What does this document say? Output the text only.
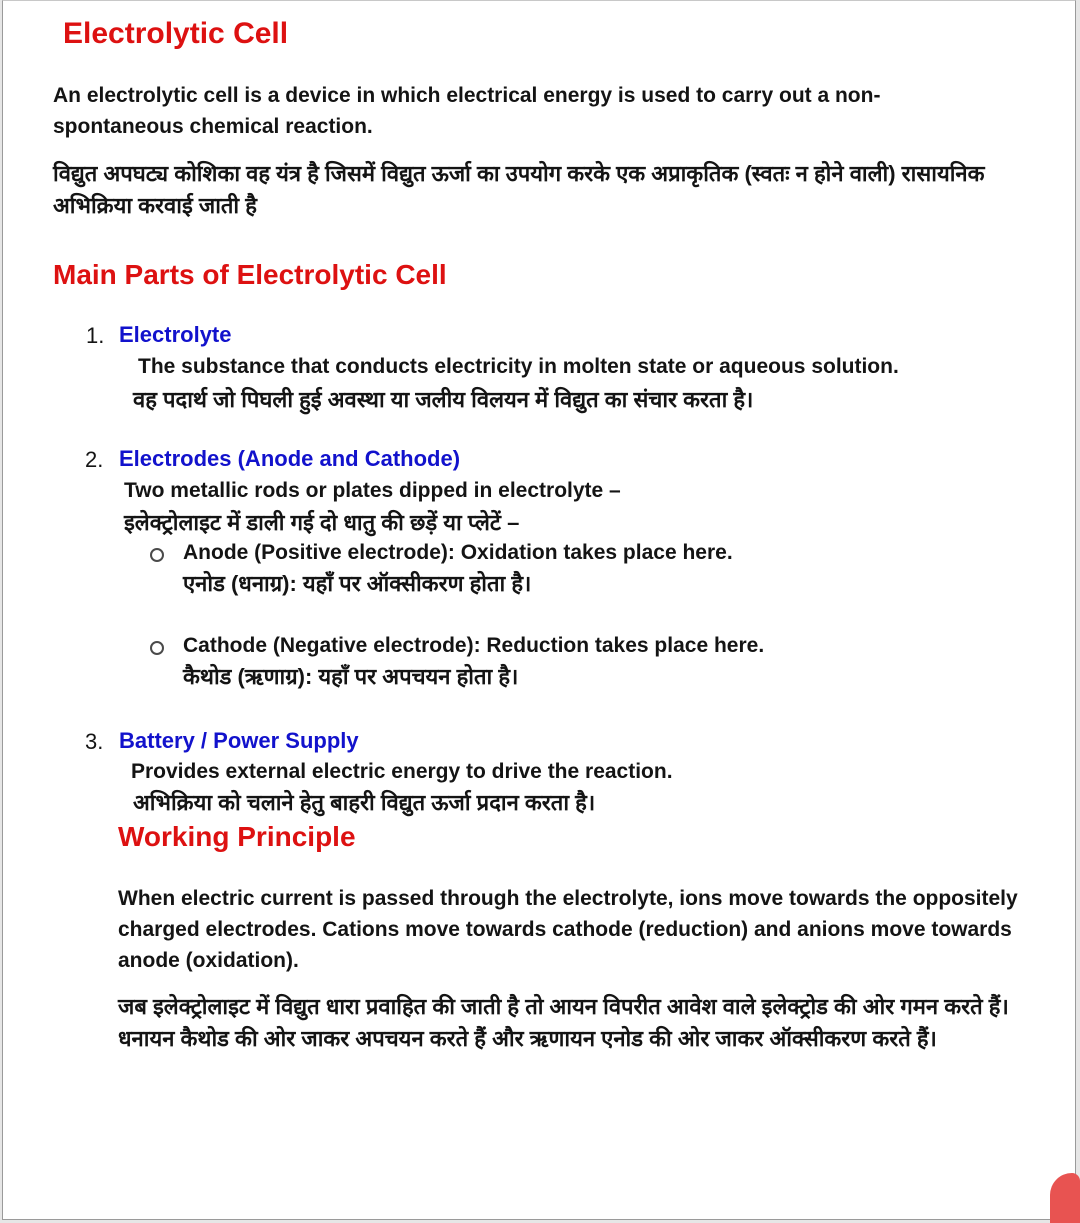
Electrolytic Cell
An electrolytic cell is a device in which electrical energy is used to carry out a non-spontaneous chemical reaction.
विद्युत अपघट्य कोशिका वह यंत्र है जिसमें विद्युत ऊर्जा का उपयोग करके एक अप्राकृतिक (स्वतः न होने वाली) रासायनिक अभिक्रिया करवाई जाती है
Main Parts of Electrolytic Cell
1. Electrolyte
The substance that conducts electricity in molten state or aqueous solution.
वह पदार्थ जो पिघली हुई अवस्था या जलीय विलयन में विद्युत का संचार करता है।
2. Electrodes (Anode and Cathode)
Two metallic rods or plates dipped in electrolyte –
इलेक्ट्रोलाइट में डाली गई दो धातु की छड़ें या प्लेटें –
Anode (Positive electrode): Oxidation takes place here.
एनोड (धनाग्र): यहाँ पर ऑक्सीकरण होता है।
Cathode (Negative electrode): Reduction takes place here.
कैथोड (ऋणाग्र): यहाँ पर अपचयन होता है।
3. Battery / Power Supply
Provides external electric energy to drive the reaction.
अभिक्रिया को चलाने हेतु बाहरी विद्युत ऊर्जा प्रदान करता है।
Working Principle
When electric current is passed through the electrolyte, ions move towards the oppositely charged electrodes. Cations move towards cathode (reduction) and anions move towards anode (oxidation).
जब इलेक्ट्रोलाइट में विद्युत धारा प्रवाहित की जाती है तो आयन विपरीत आवेश वाले इलेक्ट्रोड की ओर गमन करते हैं। धनायन कैथोड की ओर जाकर अपचयन करते हैं और ऋणायन एनोड की ओर जाकर ऑक्सीकरण करते हैं।
